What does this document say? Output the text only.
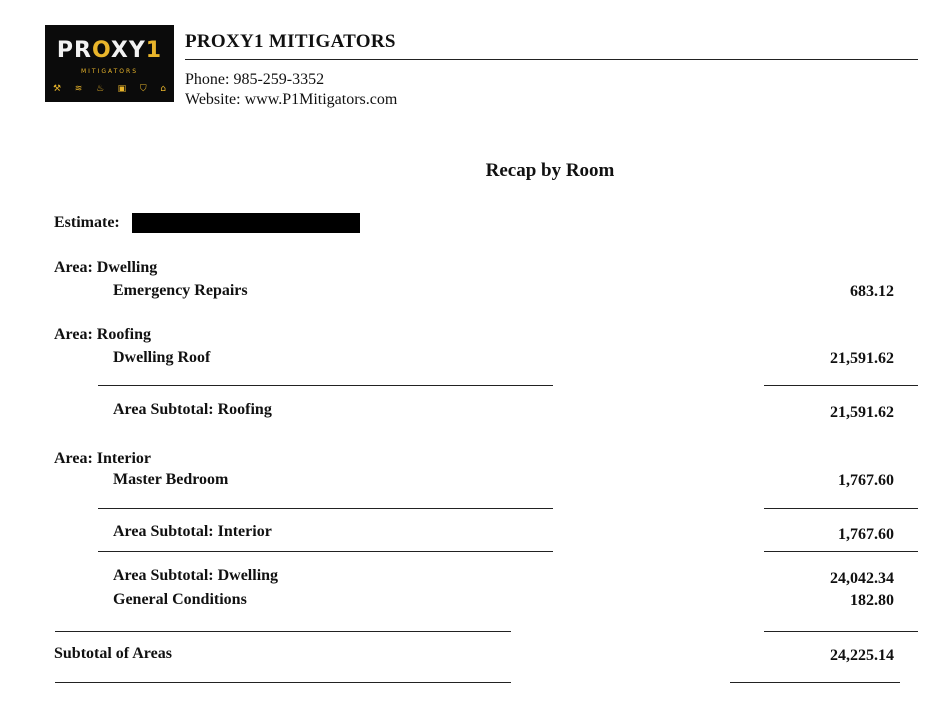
PROXY1
MITIGATORS
⚒ ≋ ♨ ▣ ⛉ ⌂
PROXY1 MITIGATORS
Phone: 985-259-3352
Website: www.P1Mitigators.com
Recap by Room
Estimate:
Area: Dwelling
Emergency Repairs	683.12
Area: Roofing
Dwelling Roof	21,591.62
Area Subtotal: Roofing	21,591.62
Area: Interior
Master Bedroom	1,767.60
Area Subtotal: Interior	1,767.60
Area Subtotal: Dwelling	24,042.34
General Conditions	182.80
Subtotal of Areas	24,225.14
